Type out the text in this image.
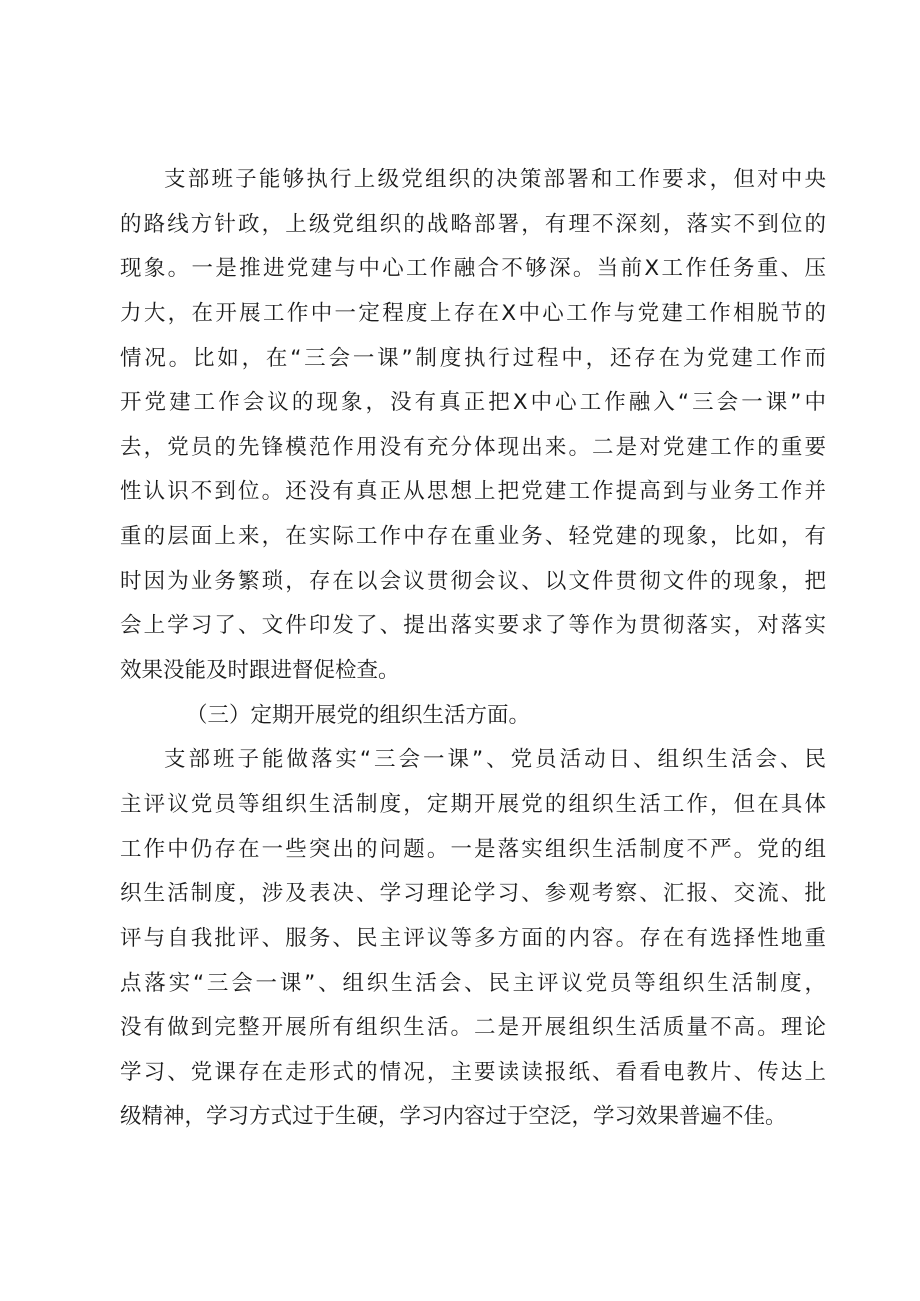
支部班子能够执行上级党组织的决策部署和工作要求，但对中央
的路线方针政，上级党组织的战略部署，有理不深刻，落实不到位的
现象。一是推进党建与中心工作融合不够深。当前X工作任务重、压
力大，在开展工作中一定程度上存在X中心工作与党建工作相脱节的
情况。比如，在“三会一课”制度执行过程中，还存在为党建工作而
开党建工作会议的现象，没有真正把X中心工作融入“三会一课”中
去，党员的先锋模范作用没有充分体现出来。二是对党建工作的重要
性认识不到位。还没有真正从思想上把党建工作提高到与业务工作并
重的层面上来，在实际工作中存在重业务、轻党建的现象，比如，有
时因为业务繁琐，存在以会议贯彻会议、以文件贯彻文件的现象，把
会上学习了、文件印发了、提出落实要求了等作为贯彻落实，对落实
效果没能及时跟进督促检查。
（三）定期开展党的组织生活方面。
支部班子能做落实“三会一课”、党员活动日、组织生活会、民
主评议党员等组织生活制度，定期开展党的组织生活工作，但在具体
工作中仍存在一些突出的问题。一是落实组织生活制度不严。党的组
织生活制度，涉及表决、学习理论学习、参观考察、汇报、交流、批
评与自我批评、服务、民主评议等多方面的内容。存在有选择性地重
点落实“三会一课”、组织生活会、民主评议党员等组织生活制度，
没有做到完整开展所有组织生活。二是开展组织生活质量不高。理论
学习、党课存在走形式的情况，主要读读报纸、看看电教片、传达上
级精神，学习方式过于生硬，学习内容过于空泛，学习效果普遍不佳。
